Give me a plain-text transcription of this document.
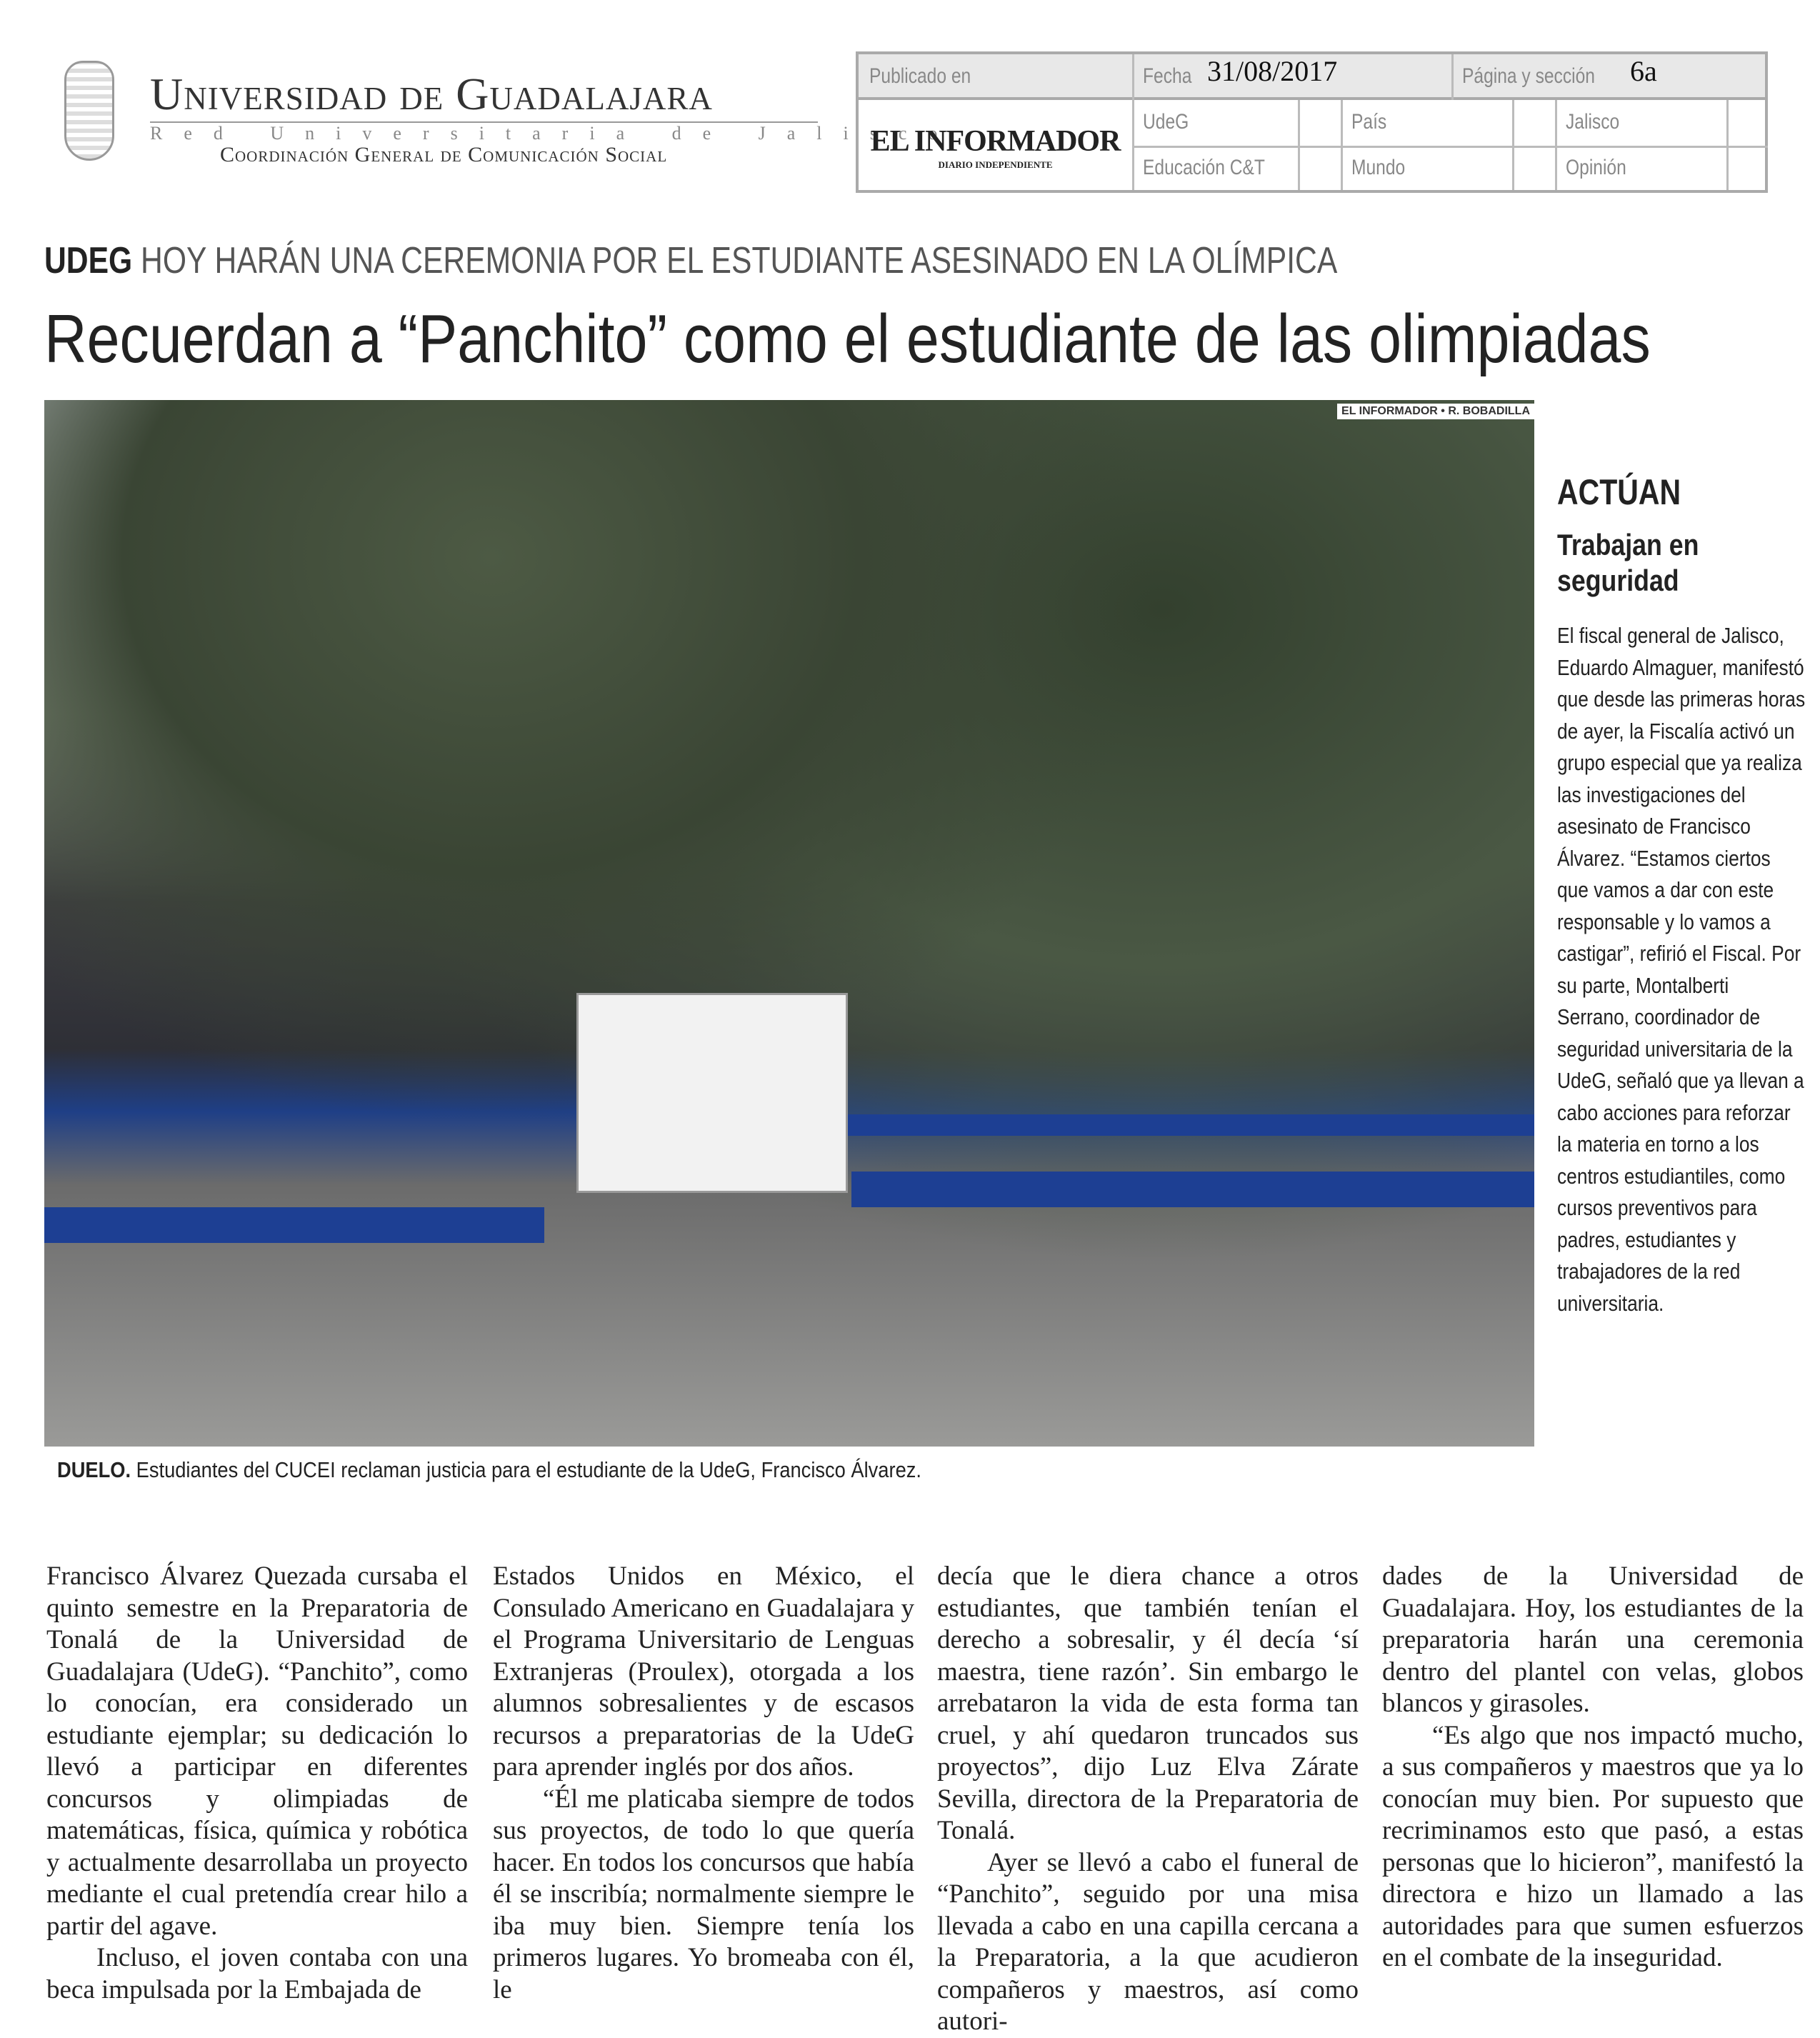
Universidad de Guadalajara
Red Universitaria de Jalisco
Coordinación General de Comunicación Social
Publicado en	Fecha 31/08/2017	Página y sección 6a
EL INFORMADOR
DIARIO INDEPENDIENTE
UdeG	País	Jalisco
Educación C&T	Mundo	Opinión
UDEG HOY HARÁN UNA CEREMONIA POR EL ESTUDIANTE ASESINADO EN LA OLÍMPICA
Recuerdan a “Panchito” como el estudiante de las olimpiadas
EL INFORMADOR • R. BOBADILLA
DUELO. Estudiantes del CUCEI reclaman justicia para el estudiante de la UdeG, Francisco Álvarez.
ACTÚAN
Trabajan en seguridad

El fiscal general de Jalisco, Eduardo Almaguer, manifestó que desde las primeras horas de ayer, la Fiscalía activó un grupo especial que ya realiza las investigaciones del asesinato de Francisco Álvarez. “Estamos ciertos que vamos a dar con este responsable y lo vamos a castigar”, refirió el Fiscal. Por su parte, Montalberti Serrano, coordinador de seguridad universitaria de la UdeG, señaló que ya llevan a cabo acciones para reforzar la materia en torno a los centros estudiantiles, como cursos preventivos para padres, estudiantes y trabajadores de la red universitaria.

Francisco Álvarez Quezada cursaba el quinto semestre en la Preparatoria de Tonalá de la Universidad de Guadalajara (UdeG). “Panchito”, como lo conocían, era considerado un estudiante ejemplar; su dedicación lo llevó a participar en diferentes concursos y olimpiadas de matemáticas, física, química y robótica y actualmente desarrollaba un proyecto mediante el cual pretendía crear hilo a partir del agave.

Incluso, el joven contaba con una beca impulsada por la Embajada de

Estados Unidos en México, el Consulado Americano en Guadalajara y el Programa Universitario de Lenguas Extranjeras (Proulex), otorgada a los alumnos sobresalientes y de escasos recursos a preparatorias de la UdeG para aprender inglés por dos años.

“Él me platicaba siempre de todos sus proyectos, de todo lo que quería hacer. En todos los concursos que había él se inscribía; normalmente siempre le iba muy bien. Siempre tenía los primeros lugares. Yo bromeaba con él, le

decía que le diera chance a otros estudiantes, que también tenían el derecho a sobresalir, y él decía ‘sí maestra, tiene razón’. Sin embargo le arrebataron la vida de esta forma tan cruel, y ahí quedaron truncados sus proyectos”, dijo Luz Elva Zárate Sevilla, directora de la Preparatoria de Tonalá.

Ayer se llevó a cabo el funeral de “Panchito”, seguido por una misa llevada a cabo en una capilla cercana a la Preparatoria, a la que acudieron compañeros y maestros, así como autori-

dades de la Universidad de Guadalajara. Hoy, los estudiantes de la preparatoria harán una ceremonia dentro del plantel con velas, globos blancos y girasoles.

“Es algo que nos impactó mucho, a sus compañeros y maestros que ya lo conocían muy bien. Por supuesto que recriminamos esto que pasó, a estas personas que lo hicieron”, manifestó la directora e hizo un llamado a las autoridades para que sumen esfuerzos en el combate de la inseguridad.
